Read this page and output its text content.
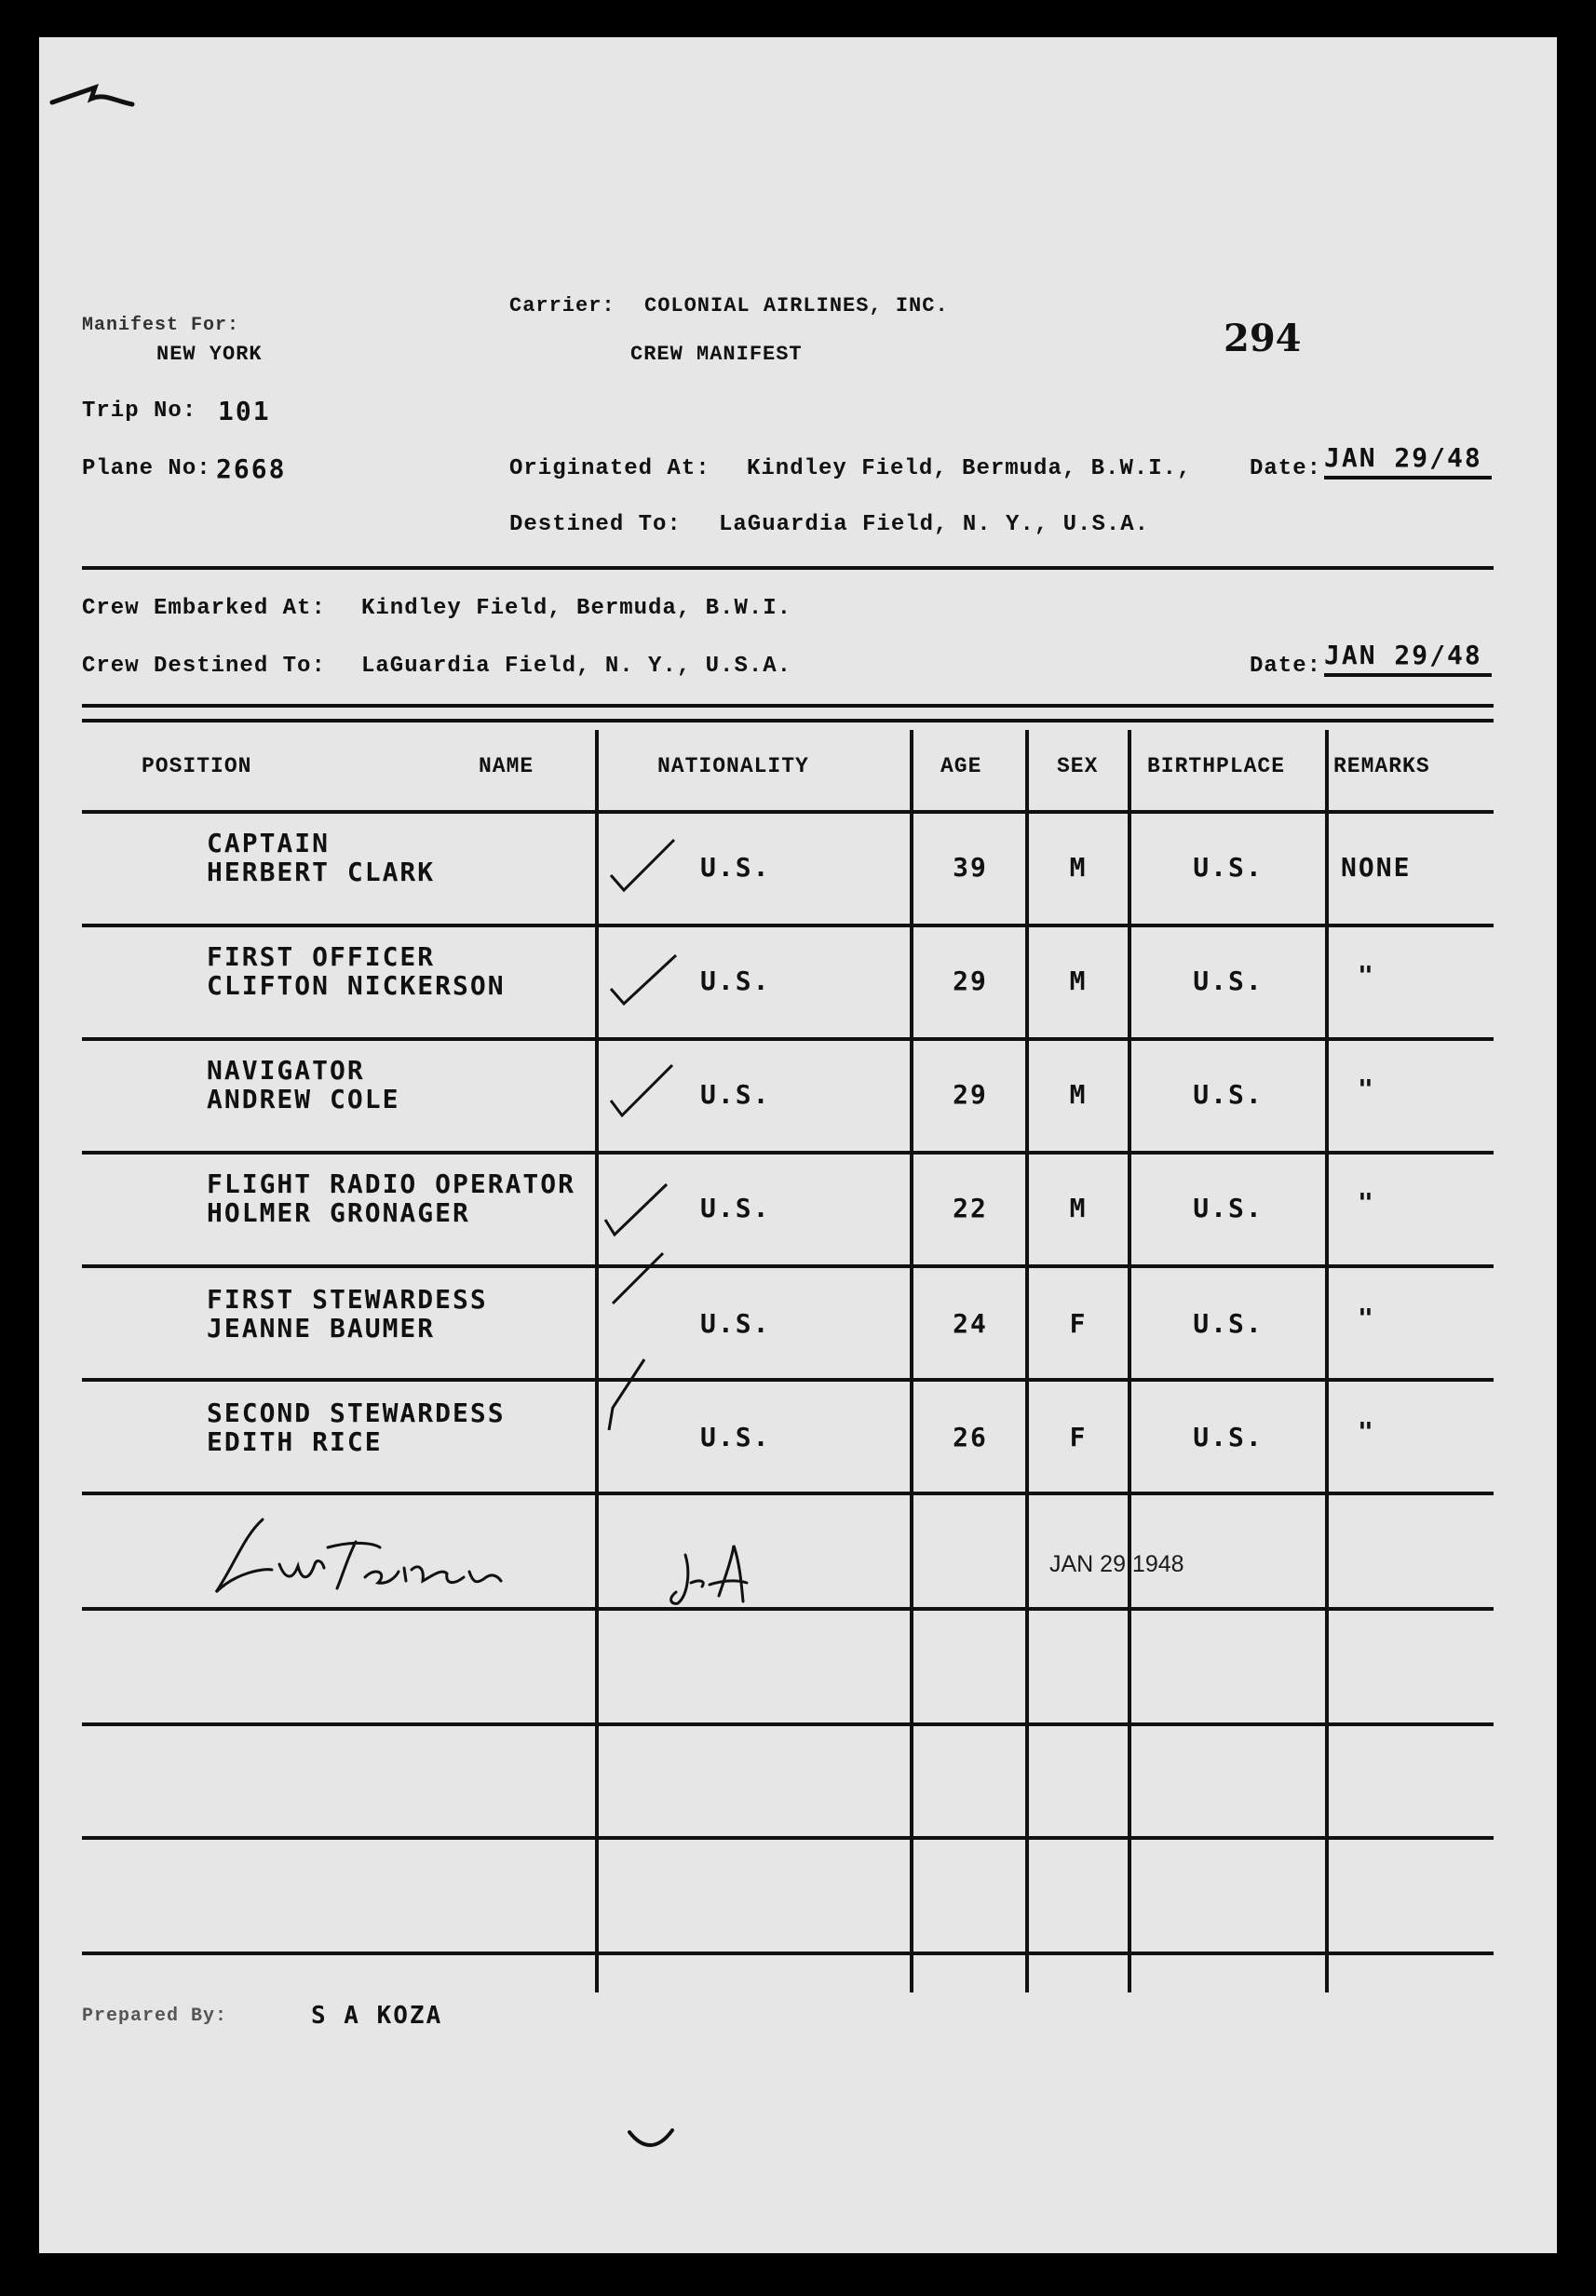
Manifest For:
NEW YORK
Carrier: COLONIAL AIRLINES, INC.
CREW MANIFEST	294
Trip No: 101
Plane No: 2668	Originated At: Kindley Field, Bermuda, B.W.I.,	Date: JAN 29/48
Destined To: LaGuardia Field, N. Y., U.S.A.
Crew Embarked At: Kindley Field, Bermuda, B.W.I.
Crew Destined To: LaGuardia Field, N. Y., U.S.A.	Date: JAN 29/48
POSITION	NAME	NATIONALITY	AGE	SEX BIRTHPLACE REMARKS
CAPTAIN
HERBERT CLARK	U.S.	39	M	U.S.	NONE
FIRST OFFICER
CLIFTON NICKERSON	U.S.	29	M	U.S.	"
NAVIGATOR
ANDREW COLE	U.S.	29	M	U.S.	"
FLIGHT RADIO OPERATOR
HOLMER GRONAGER	U.S.	22	M	U.S.	"
FIRST STEWARDESS
JEANNE BAUMER	U.S.	24	F	U.S.	"
SECOND STEWARDESS
EDITH RICE	U.S.	26	F	U.S.	"
JAN 29 1948
Prepared By:	S A KOZA
